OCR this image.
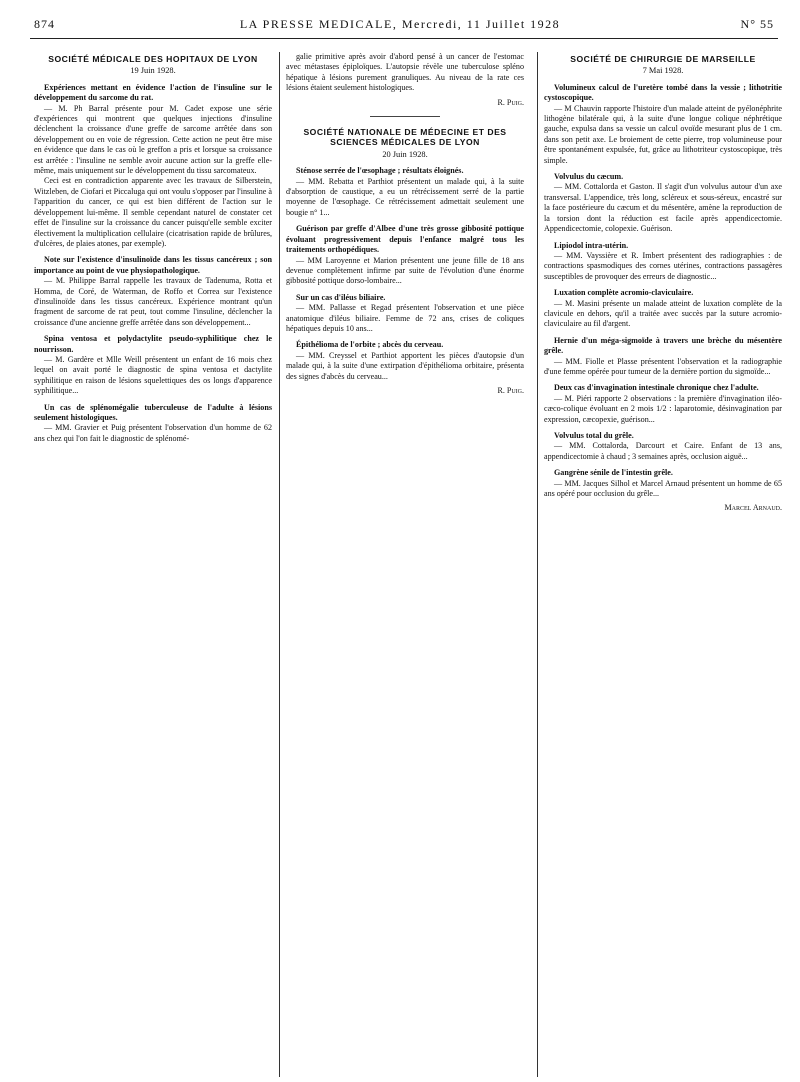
874	LA PRESSE MEDICALE, Mercredi, 11 Juillet 1928	N° 55
SOCIÉTÉ MÉDICALE DES HOPITAUX DE LYON
19 Juin 1928.
Expériences mettant en évidence l'action de l'insuline sur le développement du sarcome du rat.

— M. Ph Barral présente pour M. Cadet expose une série d'expériences qui montrent que quelques injections d'insuline déclenchent la croissance d'une greffe de sarcome arrêtée dans son développement ou en voie de régression. Cette action ne peut être mise en évidence que dans le cas où le greffon a pris et lorsque sa croissance est arrêtée : l'insuline ne semble avoir aucune action sur la greffe elle-même, mais uniquement sur le développement du tissu sarcomateux.

Ceci est en contradiction apparente avec les travaux de Silberstein, Witzleben, de Ciofari et Piccaluga qui ont voulu s'opposer par l'insuline à l'apparition du cancer, ce qui est bien différent de l'action sur le développement lui-même. Il semble cependant naturel de constater cet effet de l'insuline sur la croissance du cancer puisqu'elle semble exciter électivement la multiplication cellulaire (cicatrisation rapide de brûlures, d'ulcères, de plaies atones, par exemple).

Note sur l'existence d'insulinoïde dans les tissus cancéreux ; son importance au point de vue physiopathologique.

— M. Philippe Barral rappelle les travaux de Tadenuma, Rotta et Homma, de Coré, de Waterman, de Roffo et Correa sur l'existence d'insulinoïde dans les tissus cancéreux. Expérience montrant qu'un fragment de sarcome de rat peut, tout comme l'insuline, déclencher la croissance d'une ancienne greffe arrêtée dans son développement...

Spina ventosa et polydactylite pseudo-syphilitique chez le nourrisson.

— M. Gardère et Mlle Weill présentent un enfant de 16 mois chez lequel on avait porté le diagnostic de spina ventosa et dactylite syphilitique en raison de lésions squelettiques des os longs d'apparence syphilitique...

Un cas de splénomégalie tuberculeuse de l'adulte à lésions seulement histologiques.

— MM. Gravier et Puig présentent l'observation d'un homme de 62 ans chez qui l'on fait le diagnostic de splénomé-

galie primitive après avoir d'abord pensé à un cancer de l'estomac avec métastases épiploïques. L'autopsie révèle une tuberculose spléno hépatique à lésions purement granuliques. Au niveau de la rate ces lésions étaient seulement histologiques.

R. Puig.
SOCIÉTÉ NATIONALE DE MÉDECINE ET DES SCIENCES MÉDICALES DE LYON
20 Juin 1928.
Sténose serrée de l'œsophage ; résultats éloignés.

— MM. Rebatta et Parthiot présentent un malade qui, à la suite d'absorption de caustique, a eu un rétrécissement serré de la partie moyenne de l'œsophage. Ce rétrécissement admettait seulement une bougie n° 1...

Guérison par greffe d'Albee d'une très grosse gibbosité pottique évoluant progressivement depuis l'enfance malgré tous les traitements orthopédiques.

— MM Laroyenne et Marion présentent une jeune fille de 18 ans devenue complètement infirme par suite de l'évolution d'une énorme gibbosité pottique dorso-lombaire...

Sur un cas d'iléus biliaire.

— MM. Pallasse et Regad présentent l'observation et une pièce anatomique d'iléus biliaire. Femme de 72 ans, crises de coliques hépatiques depuis 10 ans...

Épithélioma de l'orbite ; abcès du cerveau.

— MM. Creyssel et Parthiot apportent les pièces d'autopsie d'un malade qui, à la suite d'une extirpation d'épithélioma orbitaire, présenta des signes d'abcès du cerveau...

R. Puig.
SOCIÉTÉ DE CHIRURGIE DE MARSEILLE
7 Mai 1928.
Volumineux calcul de l'uretère tombé dans la vessie ; lithotritie cystoscopique.

— M Chauvin rapporte l'histoire d'un malade atteint de pyélonéphrite lithogène bilatérale qui, à la suite d'une longue colique néphrétique gauche, expulsa dans sa vessie un calcul ovoïde mesurant plus de 1 cm. dans son petit axe. Le broiement de cette pierre, trop volumineuse pour être spontanément expulsée, fut, grâce au lithotriteur cystoscopique, très simple.

Volvulus du cæcum.

— MM. Cottalorda et Gaston. Il s'agit d'un volvulus autour d'un axe transversal. L'appendice, très long, scléreux et sous-séreux, encastré sur la face postérieure du cæcum et du mésentère, amène la reproduction de la torsion dont la réduction est facile après appendicectomie. Appendicectomie, colopexie. Guérison.

Lipiodol intra-utérin.

— MM. Vayssière et R. Imbert présentent des radiographies : de contractions spasmodiques des cornes utérines, contractions passagères susceptibles de provoquer des erreurs de diagnostic...

Luxation complète acromio-claviculaire.

— M. Masini présente un malade atteint de luxation complète de la clavicule en dehors, qu'il a traitée avec succès par la suture acromio-claviculaire au fil d'argent.

Hernie d'un méga-sigmoïde à travers une brèche du mésentère grêle.

— MM. Fiolle et Plasse présentent l'observation et la radiographie d'une femme opérée pour tumeur de la dernière portion du sigmoïde...

Deux cas d'invagination intestinale chronique chez l'adulte.

— M. Piéri rapporte 2 observations : la première d'invagination iléo-cæco-colique évoluant en 2 mois 1/2 : laparotomie, désinvagination par expression, cæcopexie, guérison...

Volvulus total du grêle.

— MM. Cottalorda, Darcourt et Caire. Enfant de 13 ans, appendicectomie à chaud ; 3 semaines après, occlusion aiguë...

Gangrène sénile de l'intestin grêle.

— MM. Jacques Silhol et Marcel Arnaud présentent un homme de 65 ans opéré pour occlusion du grêle...

Marcel Arnaud.
